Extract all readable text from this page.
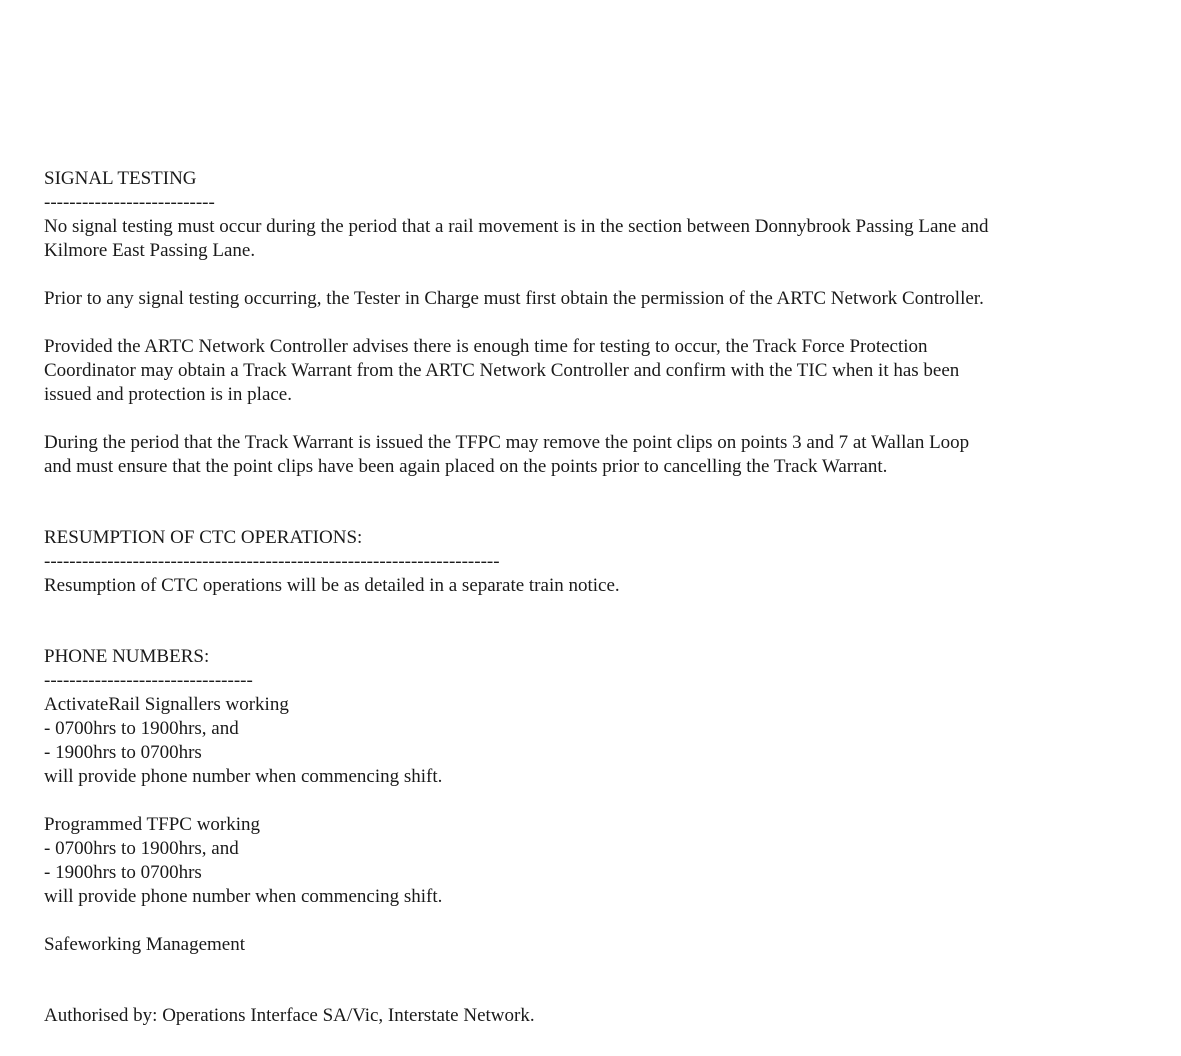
SIGNAL TESTING
---------------------------
No signal testing must occur during the period that a rail movement is in the section between Donnybrook Passing Lane and
Kilmore East Passing Lane.
Prior to any signal testing occurring, the Tester in Charge must first obtain the permission of the ARTC Network Controller.
Provided the ARTC Network Controller advises there is enough time for testing to occur, the Track Force Protection
Coordinator may obtain a Track Warrant from the ARTC Network Controller and confirm with the TIC when it has been
issued and protection is in place.
During the period that the Track Warrant is issued the TFPC may remove the point clips on points 3 and 7 at Wallan Loop
and must ensure that the point clips have been again placed on the points prior to cancelling the Track Warrant.
RESUMPTION OF CTC OPERATIONS:
------------------------------------------------------------------------
Resumption of CTC operations will be as detailed in a separate train notice.
PHONE NUMBERS:
---------------------------------
ActivateRail Signallers working
- 0700hrs to 1900hrs, and
- 1900hrs to 0700hrs
will provide phone number when commencing shift.
Programmed TFPC working
- 0700hrs to 1900hrs, and
- 1900hrs to 0700hrs
will provide phone number when commencing shift.
Safeworking Management
Authorised by: Operations Interface SA/Vic, Interstate Network.
